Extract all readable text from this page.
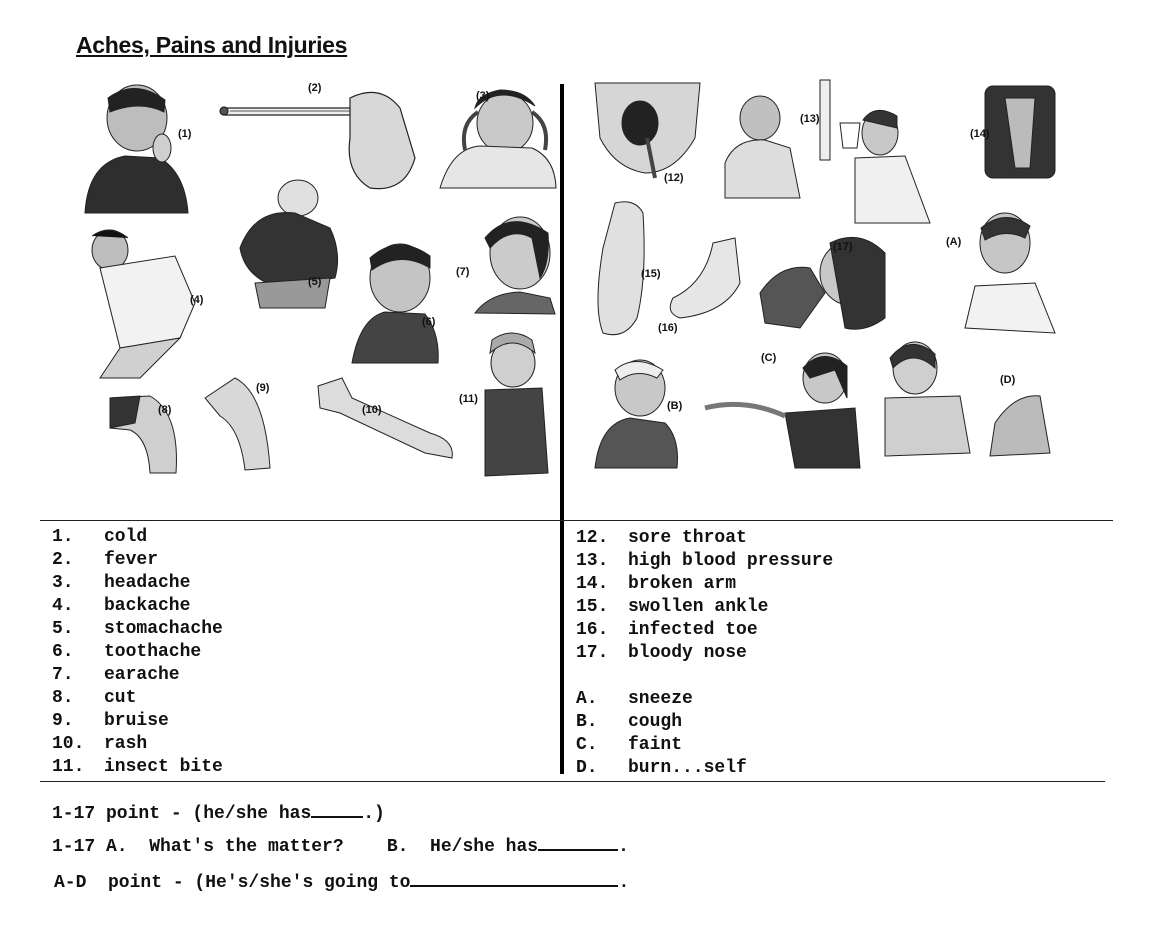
Aches, Pains and Injuries
(1)
(2)
(3)
(4)
(5)
(6)
(7)
(8)
(9)
(10)
(11)
(12)
(13)
(14)
(15)
(16)
(17)	(A)
(B)
(C)
(D)
1. cold
2. fever
3. headache
4. backache
5. stomachache
6. toothache
7. earache
8. cut
9. bruise
10. rash
11. insect bite
12. sore throat
13. high blood pressure
14. broken arm
15. swollen ankle
16. infected toe
17. bloody nose
A. sneeze
B. cough
C. faint
D. burn...self
1-17 point - (he/she has	.)
1-17 A.  What's the matter?    B.  He/she has	.
A-D  point - (He's/she's going to	.
